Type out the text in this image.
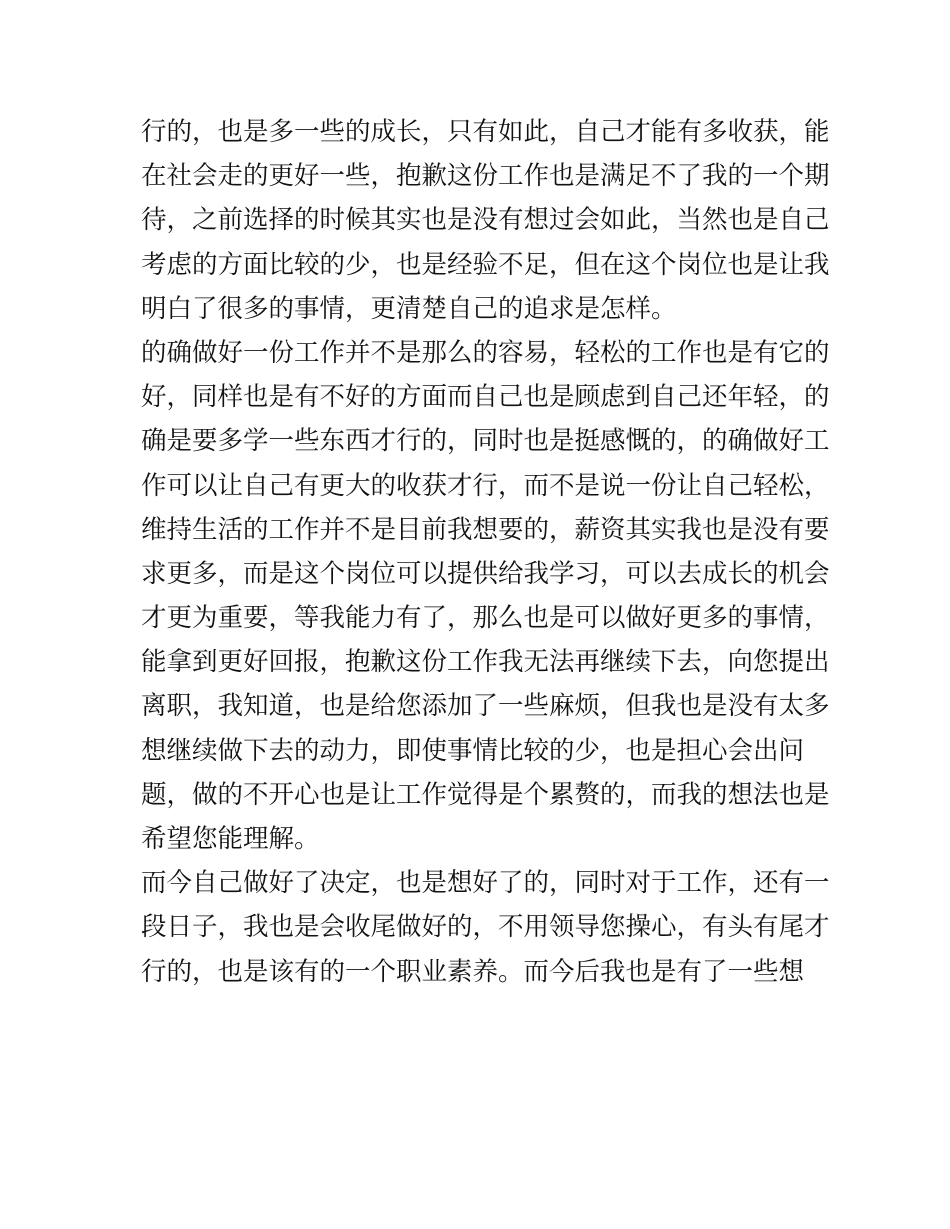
行的，也是多一些的成长，只有如此，自己才能有多收获，能
在社会走的更好一些，抱歉这份工作也是满足不了我的一个期
待，之前选择的时候其实也是没有想过会如此，当然也是自己
考虑的方面比较的少，也是经验不足，但在这个岗位也是让我
明白了很多的事情，更清楚自己的追求是怎样。
的确做好一份工作并不是那么的容易，轻松的工作也是有它的
好，同样也是有不好的方面而自己也是顾虑到自己还年轻，的
确是要多学一些东西才行的，同时也是挺感慨的，的确做好工
作可以让自己有更大的收获才行，而不是说一份让自己轻松，
维持生活的工作并不是目前我想要的，薪资其实我也是没有要
求更多，而是这个岗位可以提供给我学习，可以去成长的机会
才更为重要，等我能力有了，那么也是可以做好更多的事情，
能拿到更好回报，抱歉这份工作我无法再继续下去，向您提出
离职，我知道，也是给您添加了一些麻烦，但我也是没有太多
想继续做下去的动力，即使事情比较的少，也是担心会出问
题，做的不开心也是让工作觉得是个累赘的，而我的想法也是
希望您能理解。
而今自己做好了决定，也是想好了的，同时对于工作，还有一
段日子，我也是会收尾做好的，不用领导您操心，有头有尾才
行的，也是该有的一个职业素养。而今后我也是有了一些想
